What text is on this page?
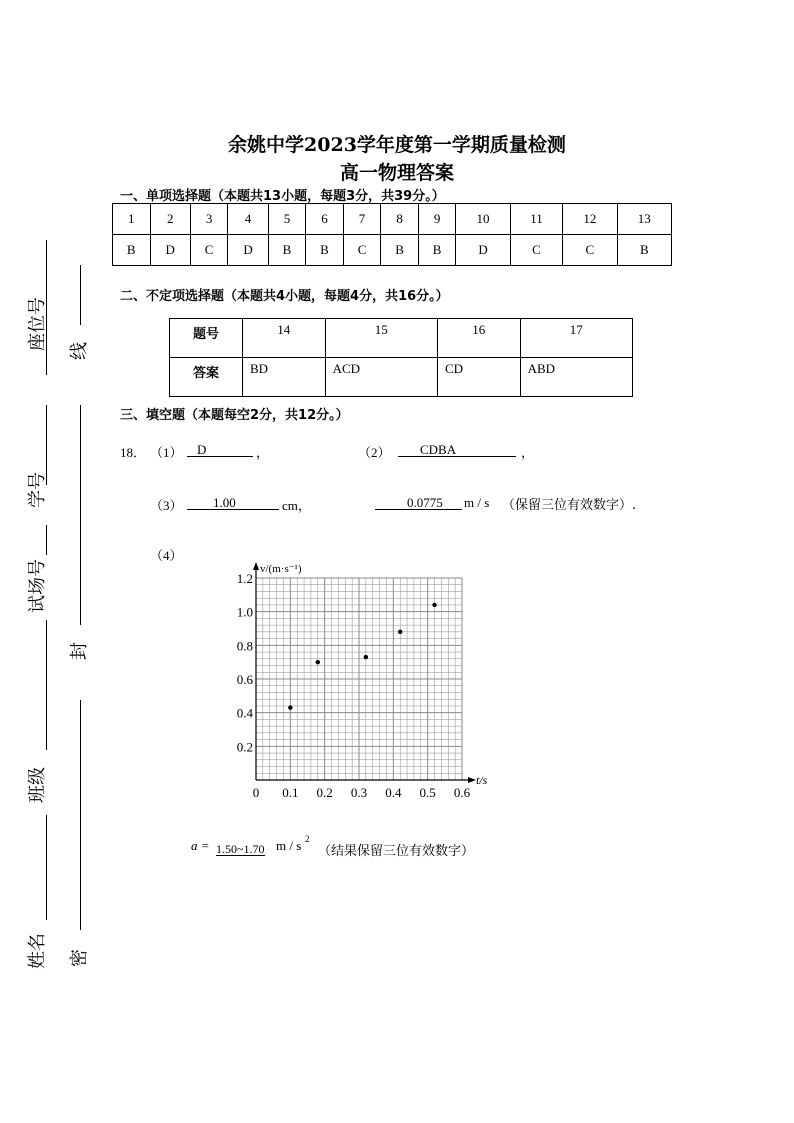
余姚中学2023学年度第一学期质量检测
高一物理答案
座位号 线
学号
试场号
封
班级
姓名 密
一、单项选择题（本题共13小题，每题3分，共39分。）
1	2	3	4	5	6	7	8	9	10	11	12	13
B	D	C	D	B	B	C	B	B	D	C	C	B
二、不定项选择题（本题共4小题，每题4分，共16分。）
题号	14	15	16	17
答案	BD	ACD	CD	ABD
三、填空题（本题每空2分，共12分。）
18． （1）	D	，	（2）	CDBA	，
（3）	1.00	cm，	0.0775	m / s （保留三位有效数字）.
（4）
0 0.1 0.2 0.3 0.4 0.5 0.6
0.2
0.4
0.6
0.8
1.0
1.2
v/(m·s⁻¹)
t/s
a = 1.50~1.70 m / s 2
（结果保留三位有效数字）
